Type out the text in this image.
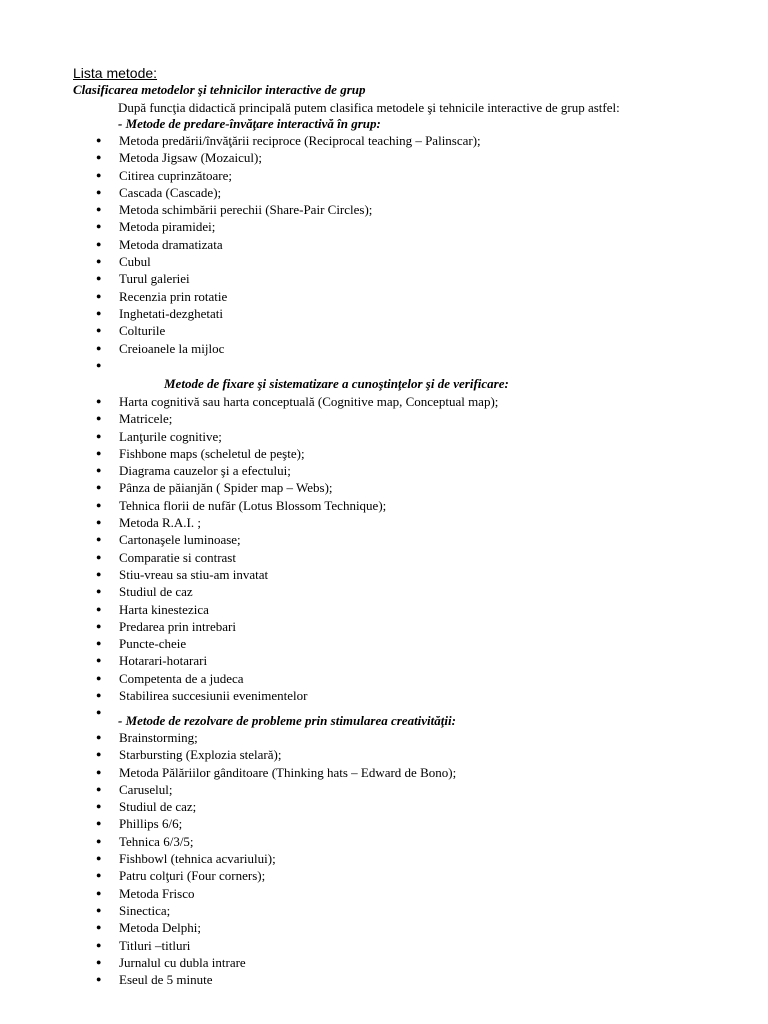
Lista metode:
Clasificarea metodelor şi tehnicilor interactive de grup
După funcţia didactică principală putem clasifica metodele şi tehnicile interactive de grup astfel:
- Metode de predare-învăţare interactivă în grup:
● Metoda predării/învăţării reciproce (Reciprocal teaching – Palinscar);
● Metoda Jigsaw (Mozaicul);
● Citirea cuprinzătoare;
● Cascada (Cascade);
● Metoda schimbării perechii (Share-Pair Circles);
● Metoda piramidei;
● Metoda dramatizata
● Cubul
● Turul galeriei
● Recenzia prin rotatie
● Inghetati-dezghetati
● Colturile
● Creioanele la mijloc
●
Metode de fixare şi sistematizare a cunoştinţelor şi de verificare:
● Harta cognitivă sau harta conceptuală (Cognitive map, Conceptual map);
● Matricele;
● Lanţurile cognitive;
● Fishbone maps (scheletul de peşte);
● Diagrama cauzelor şi a efectului;
● Pânza de păianjăn ( Spider map – Webs);
● Tehnica florii de nufăr (Lotus Blossom Technique);
● Metoda R.A.I. ;
● Cartonaşele luminoase;
● Comparatie si contrast
● Stiu-vreau sa stiu-am invatat
● Studiul de caz
● Harta kinestezica
● Predarea prin intrebari
● Puncte-cheie
● Hotarari-hotarari
● Competenta de a judeca
● Stabilirea succesiunii evenimentelor
●
- Metode de rezolvare de probleme prin stimularea creativităţii:
● Brainstorming;
● Starbursting (Explozia stelară);
● Metoda Pălăriilor gânditoare (Thinking hats – Edward de Bono);
● Caruselul;
● Studiul de caz;
● Phillips 6/6;
● Tehnica 6/3/5;
● Fishbowl (tehnica acvariului);
● Patru colţuri (Four corners);
● Metoda Frisco
● Sinectica;
● Metoda Delphi;
● Titluri –titluri
● Jurnalul cu dubla intrare
● Eseul de 5 minute
